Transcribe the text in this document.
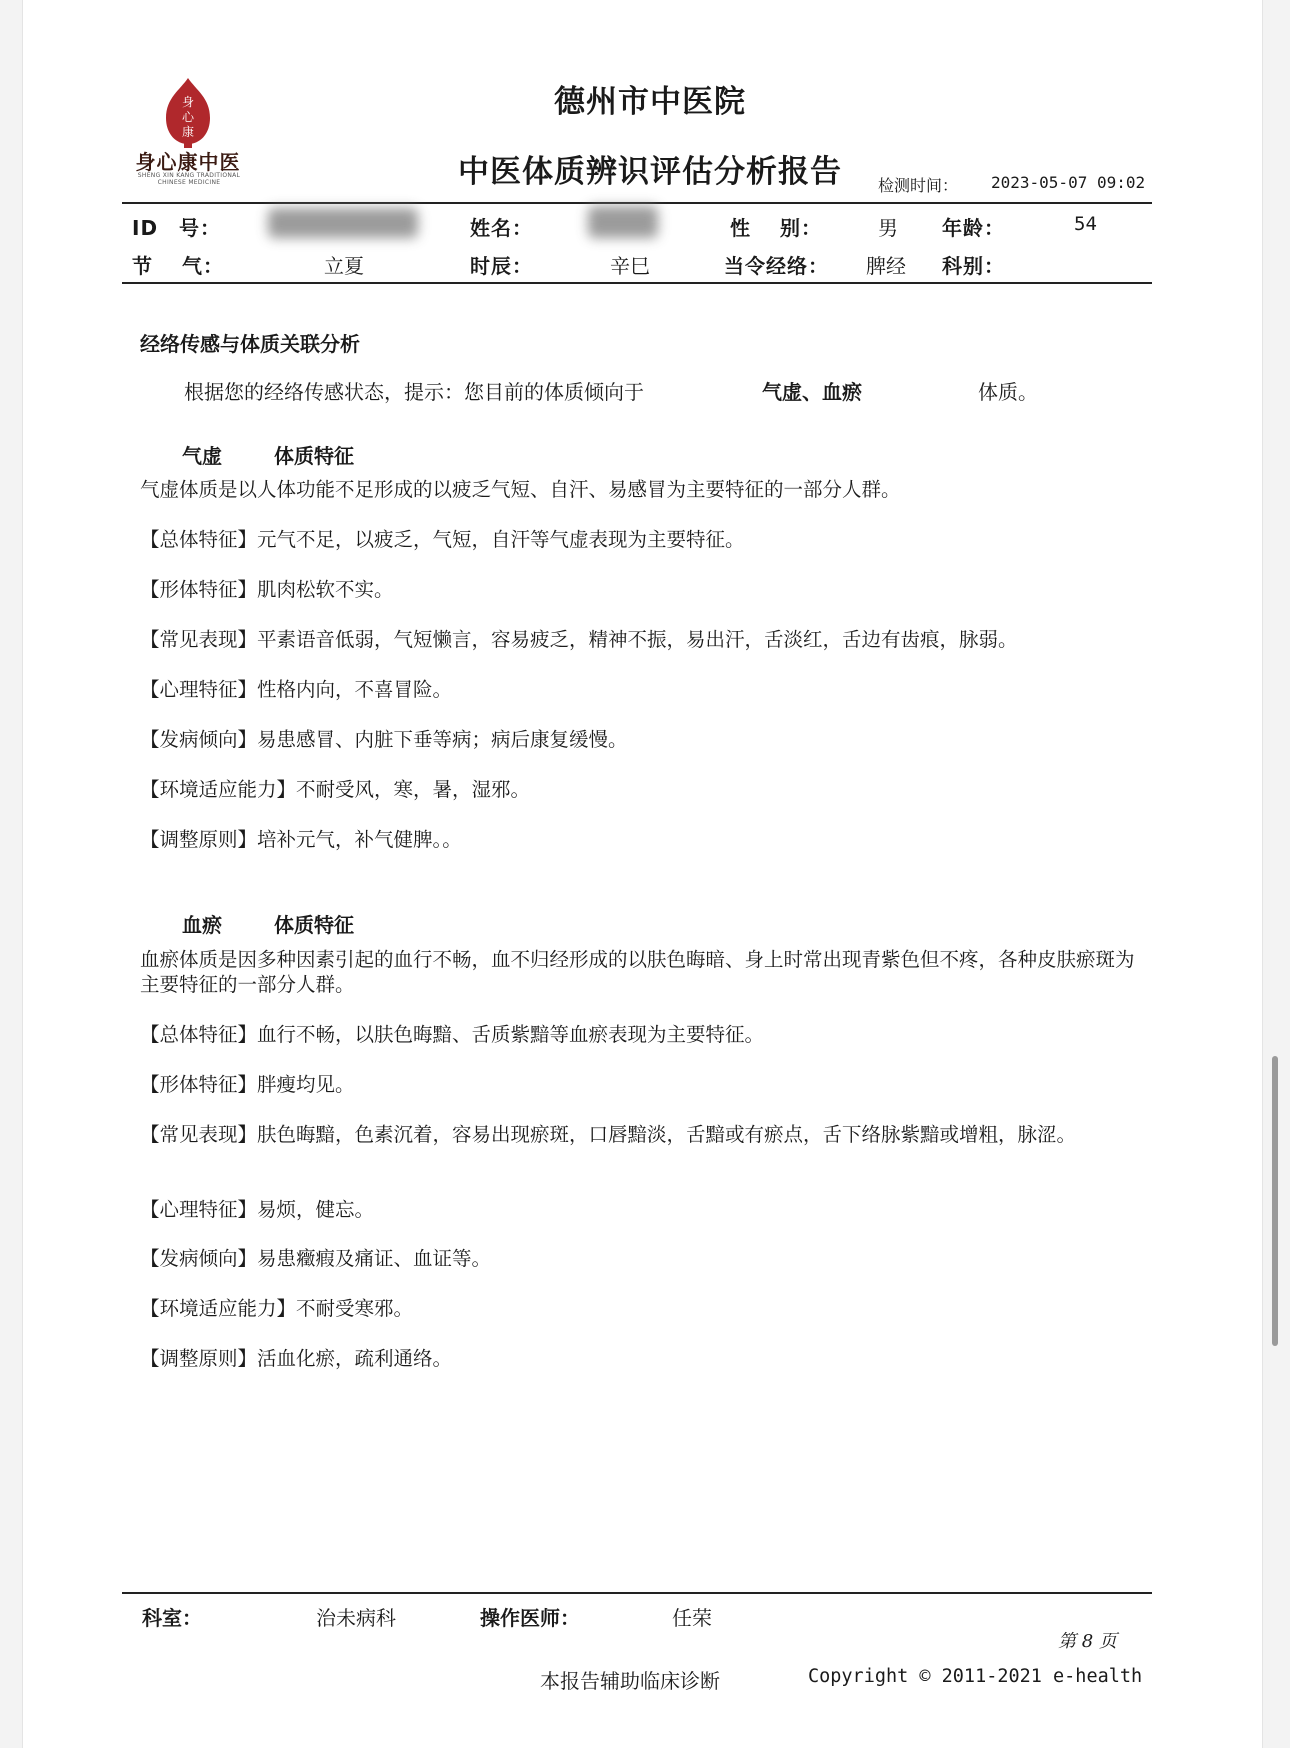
身
心
康
身心康中医
SHENG XIN KANG TRADITIONAL CHINESE MEDICINE
德州市中医院
中医体质辨识评估分析报告	检测时间： 2023-05-07 09:02
ID　号：	姓名：	性　 别：	男 年龄：	54
节　 气：	立夏	时辰：	辛巳	当令经络： 脾经 科别：
经络传感与体质关联分析
根据您的经络传感状态，提示：您目前的体质倾向于	气虚、血瘀	体质。
气虚	体质特征
气虚体质是以人体功能不足形成的以疲乏气短、自汗、易感冒为主要特征的一部分人群。
【总体特征】元气不足，以疲乏，气短，自汗等气虚表现为主要特征。
【形体特征】肌肉松软不实。
【常见表现】平素语音低弱，气短懒言，容易疲乏，精神不振，易出汗，舌淡红，舌边有齿痕，脉弱。
【心理特征】性格内向，不喜冒险。
【发病倾向】易患感冒、内脏下垂等病；病后康复缓慢。
【环境适应能力】不耐受风，寒，暑，湿邪。
【调整原则】培补元气，补气健脾。。
血瘀	体质特征
血瘀体质是因多种因素引起的血行不畅，血不归经形成的以肤色晦暗、身上时常出现青紫色但不疼，各种皮肤瘀斑为主要特征的一部分人群。
【总体特征】血行不畅，以肤色晦黯、舌质紫黯等血瘀表现为主要特征。
【形体特征】胖瘦均见。
【常见表现】肤色晦黯，色素沉着，容易出现瘀斑，口唇黯淡，舌黯或有瘀点，舌下络脉紫黯或增粗，脉涩。
【心理特征】易烦，健忘。
【发病倾向】易患癥瘕及痛证、血证等。
【环境适应能力】不耐受寒邪。
【调整原则】活血化瘀，疏利通络。
科室：	治未病科	操作医师：	任荣
第 8 页
本报告辅助临床诊断	Copyright © 2011-2021 e-health
